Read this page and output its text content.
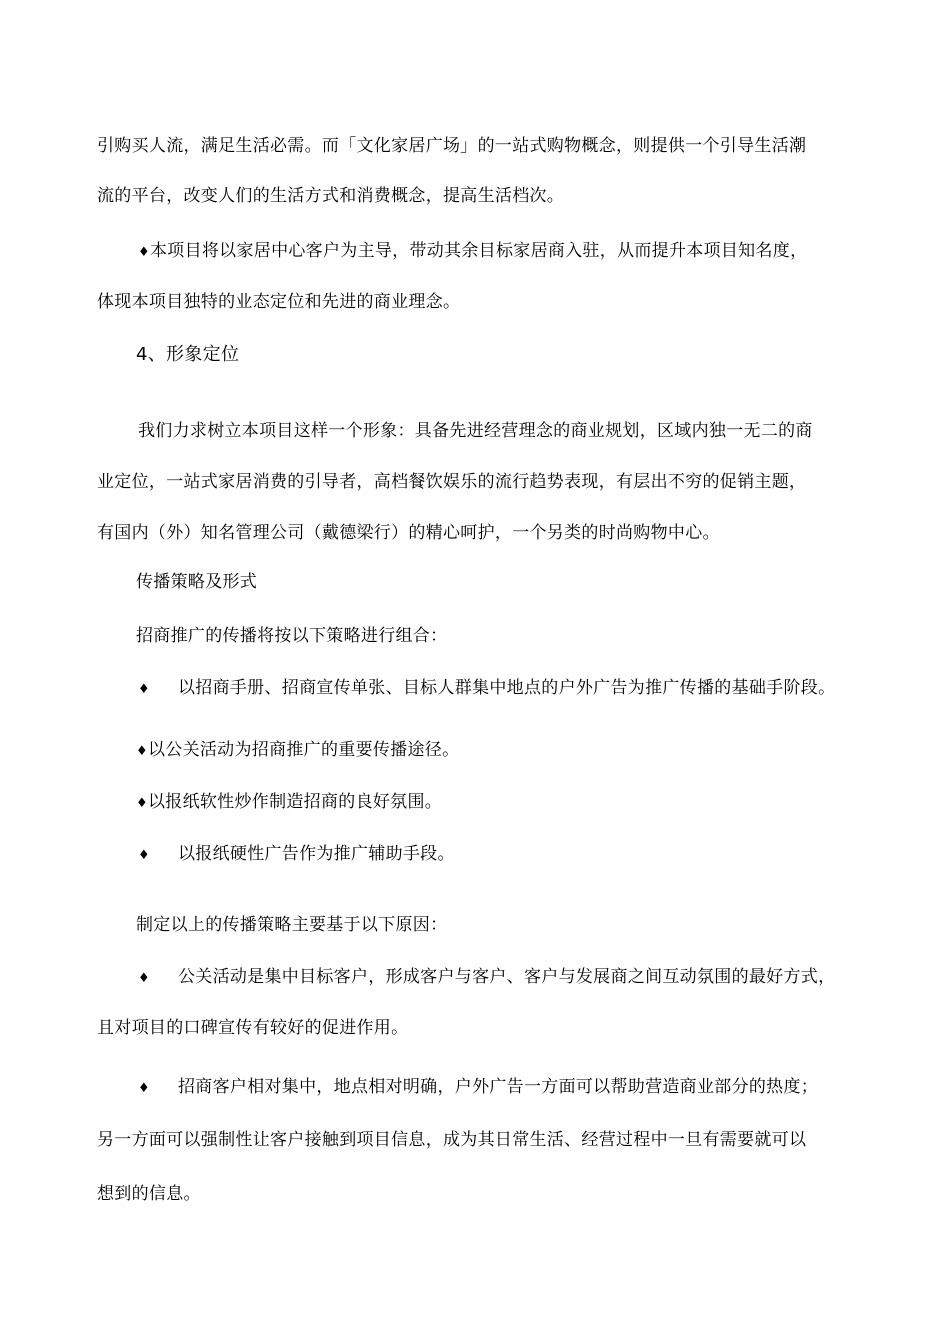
引购买人流，满足生活必需。而「文化家居广场」的一站式购物概念，则提供一个引导生活潮
流的平台，改变人们的生活方式和消费概念，提高生活档次。
♦本项目将以家居中心客户为主导，带动其余目标家居商入驻，从而提升本项目知名度，
体现本项目独特的业态定位和先进的商业理念。
4、形象定位
我们力求树立本项目这样一个形象：具备先进经营理念的商业规划，区域内独一无二的商
业定位，一站式家居消费的引导者，高档餐饮娱乐的流行趋势表现，有层出不穷的促销主题，
有国内（外）知名管理公司（戴德梁行）的精心呵护，一个另类的时尚购物中心。
传播策略及形式
招商推广的传播将按以下策略进行组合：
♦ 以招商手册、招商宣传单张、目标人群集中地点的户外广告为推广传播的基础手阶段。
♦以公关活动为招商推广的重要传播途径。
♦以报纸软性炒作制造招商的良好氛围。
♦ 以报纸硬性广告作为推广辅助手段。
制定以上的传播策略主要基于以下原因：
♦ 公关活动是集中目标客户，形成客户与客户、客户与发展商之间互动氛围的最好方式，
且对项目的口碑宣传有较好的促进作用。
♦ 招商客户相对集中，地点相对明确，户外广告一方面可以帮助营造商业部分的热度；
另一方面可以强制性让客户接触到项目信息，成为其日常生活、经营过程中一旦有需要就可以
想到的信息。
